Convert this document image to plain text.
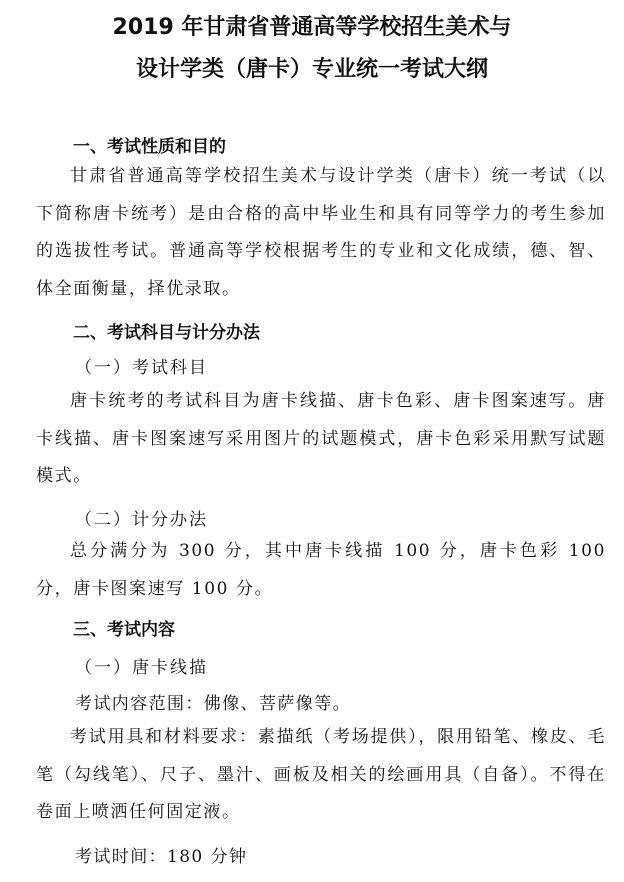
2019 年甘肃省普通高等学校招生美术与
设计学类（唐卡）专业统一考试大纲
一、考试性质和目的

甘肃省普通高等学校招生美术与设计学类（唐卡）统一考试（以下简称唐卡统考）是由合格的高中毕业生和具有同等学力的考生参加的选拔性考试。普通高等学校根据考生的专业和文化成绩，德、智、体全面衡量，择优录取。

二、考试科目与计分办法

（一）考试科目

唐卡统考的考试科目为唐卡线描、唐卡色彩、唐卡图案速写。唐卡线描、唐卡图案速写采用图片的试题模式，唐卡色彩采用默写试题模式。

（二）计分办法

总分满分为 300 分，其中唐卡线描 100 分，唐卡色彩 100 分，唐卡图案速写 100 分。

三、考试内容

（一）唐卡线描

考试内容范围：佛像、菩萨像等。

考试用具和材料要求：素描纸（考场提供），限用铅笔、橡皮、毛笔（勾线笔）、尺子、墨汁、画板及相关的绘画用具（自备）。不得在卷面上喷洒任何固定液。

考试时间：180 分钟
